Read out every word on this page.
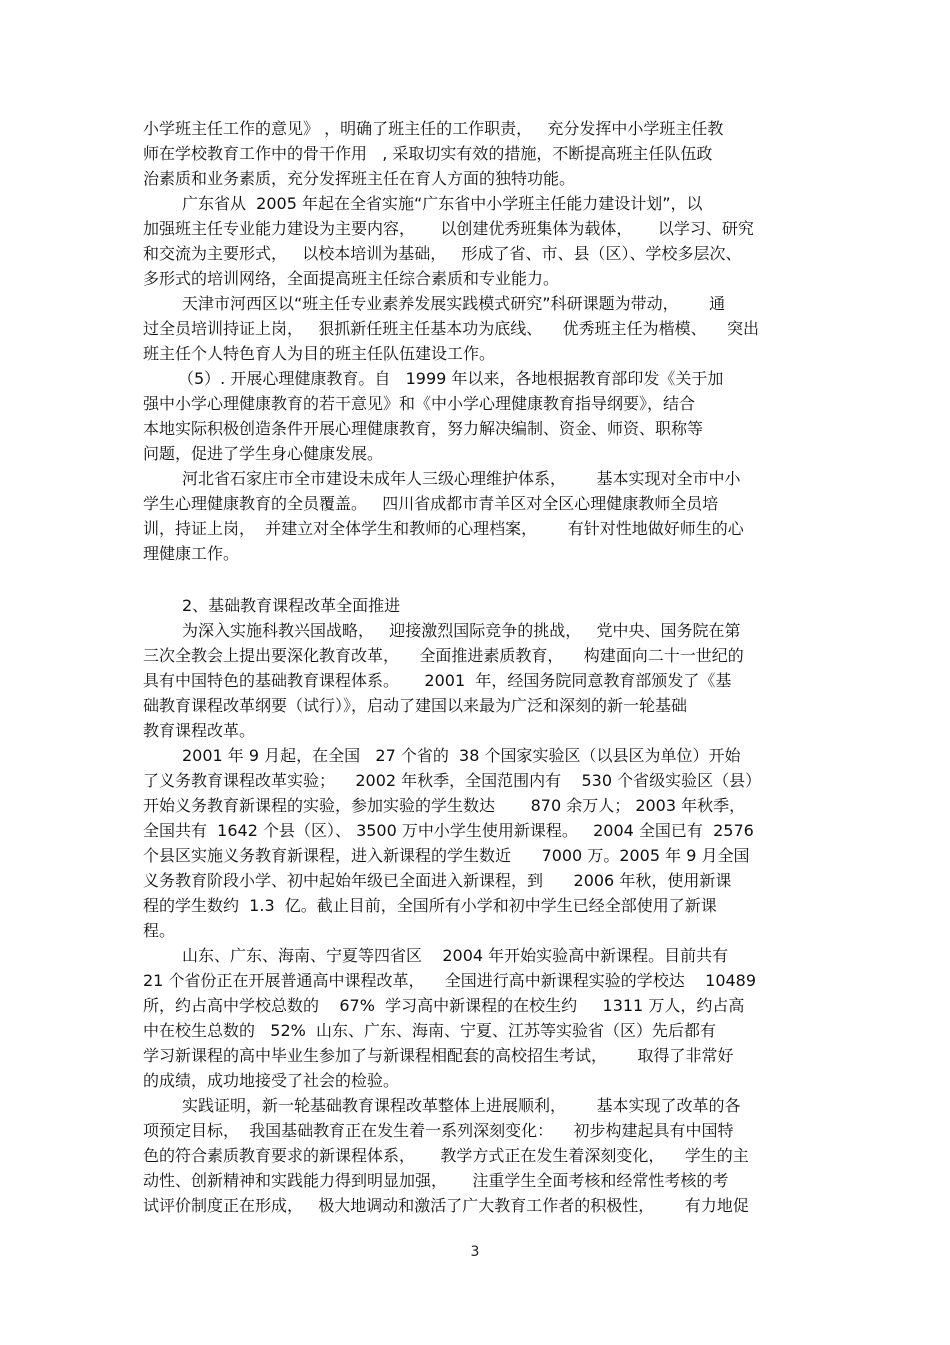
小学班主任工作的意见》 ，明确了班主任的工作职责，   充分发挥中小学班主任教
师在学校教育工作中的骨干作用   , 采取切实有效的措施，不断提高班主任队伍政
治素质和业务素质，充分发挥班主任在育人方面的独特功能。
广东省从  2005 年起在全省实施“广东省中小学班主任能力建设计划”，以
加强班主任专业能力建设为主要内容，     以创建优秀班集体为载体，     以学习、研究
和交流为主要形式，   以校本培训为基础，   形成了省、市、县（区）、学校多层次、
多形式的培训网络，全面提高班主任综合素质和专业能力。
天津市河西区以“班主任专业素养发展实践模式研究”科研课题为带动，      通
过全员培训持证上岗，   狠抓新任班主任基本功为底线、    优秀班主任为楷模、    突出
班主任个人特色育人为目的班主任队伍建设工作。
（5）. 开展心理健康教育。自   1999 年以来，各地根据教育部印发《关于加
强中小学心理健康教育的若干意见》和《中小学心理健康教育指导纲要》，结合
本地实际积极创造条件开展心理健康教育，努力解决编制、资金、师资、职称等
问题，促进了学生身心健康发展。
河北省石家庄市全市建设未成年人三级心理维护体系，      基本实现对全市中小
学生心理健康教育的全员覆盖。   四川省成都市青羊区对全区心理健康教师全员培
训，持证上岗，  并建立对全体学生和教师的心理档案，      有针对性地做好师生的心
理健康工作。
2、基础教育课程改革全面推进
为深入实施科教兴国战略，   迎接激烈国际竞争的挑战，   党中央、国务院在第
三次全教会上提出要深化教育改革，    全面推进素质教育，    构建面向二十一世纪的
具有中国特色的基础教育课程体系。     2001  年，经国务院同意教育部颁发了《基
础教育课程改革纲要（试行）》，启动了建国以来最为广泛和深刻的新一轮基础
教育课程改革。
2001 年 9 月起，在全国   27 个省的  38 个国家实验区（以县区为单位）开始
了义务教育课程改革实验；    2002 年秋季，全国范围内有    530 个省级实验区（县）
开始义务教育新课程的实验，参加实验的学生数达       870 余万人； 2003 年秋季，
全国共有  1642 个县（区）、 3500 万中小学生使用新课程。   2004 全国已有  2576
个县区实施义务教育新课程，进入新课程的学生数近      7000 万。2005 年 9 月全国
义务教育阶段小学、初中起始年级已全面进入新课程，到      2006 年秋，使用新课
程的学生数约  1.3  亿。截止目前，全国所有小学和初中学生已经全部使用了新课
程。
山东、广东、海南、宁夏等四省区    2004 年开始实验高中新课程。目前共有
21 个省份正在开展普通高中课程改革，    全国进行高中新课程实验的学校达    10489
所，约占高中学校总数的    67%  学习高中新课程的在校生约     1311 万人，约占高
中在校生总数的   52%  山东、广东、海南、宁夏、江苏等实验省（区）先后都有
学习新课程的高中毕业生参加了与新课程相配套的高校招生考试，      取得了非常好
的成绩，成功地接受了社会的检验。
实践证明，新一轮基础教育课程改革整体上进展顺利，      基本实现了改革的各
项预定目标，  我国基础教育正在发生着一系列深刻变化：    初步构建起具有中国特
色的符合素质教育要求的新课程体系，     教学方式正在发生着深刻变化，    学生的主
动性、创新精神和实践能力得到明显加强，     注重学生全面考核和经常性考核的考
试评价制度正在形成，   极大地调动和激活了广大教育工作者的积极性，      有力地促
3
